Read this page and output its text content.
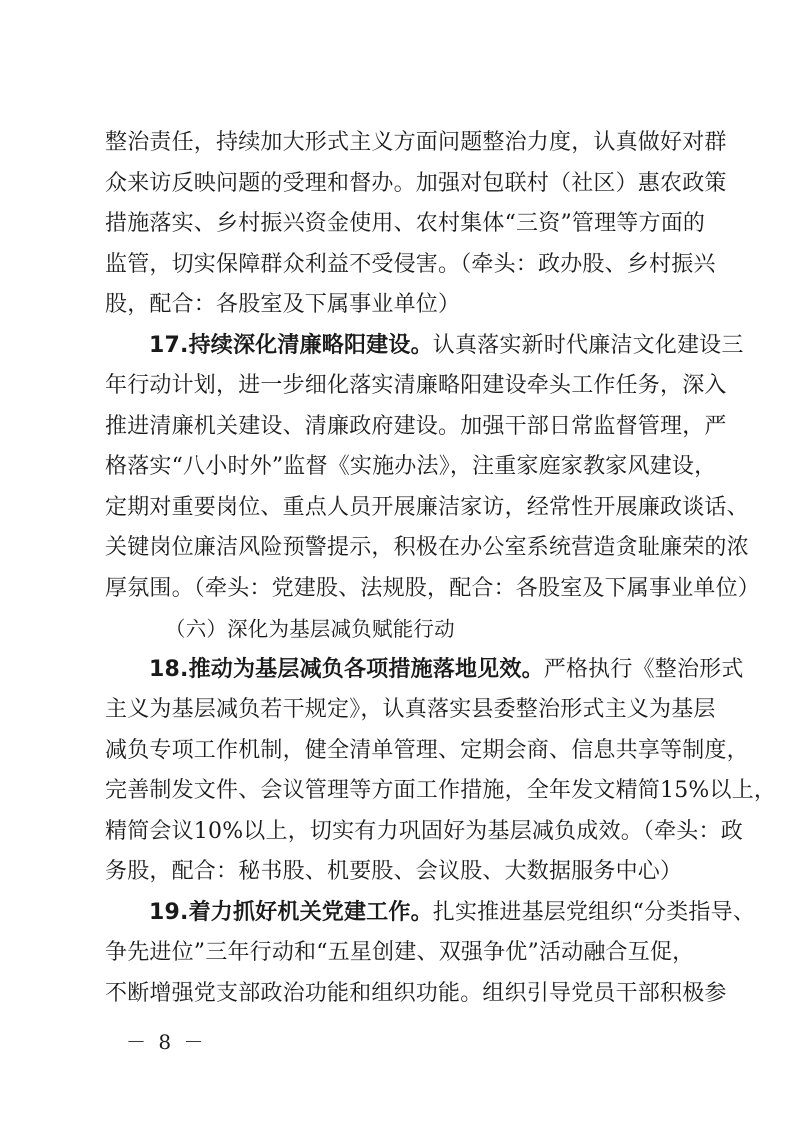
整治责任，持续加大形式主义方面问题整治力度，认真做好对群
众来访反映问题的受理和督办。加强对包联村（社区）惠农政策
措施落实、乡村振兴资金使用、农村集体“三资”管理等方面的
监管，切实保障群众利益不受侵害。（牵头：政办股、乡村振兴
股，配合：各股室及下属事业单位）
17.持续深化清廉略阳建设。认真落实新时代廉洁文化建设三
年行动计划，进一步细化落实清廉略阳建设牵头工作任务，深入
推进清廉机关建设、清廉政府建设。加强干部日常监督管理，严
格落实“八小时外”监督《实施办法》，注重家庭家教家风建设，
定期对重要岗位、重点人员开展廉洁家访，经常性开展廉政谈话、
关键岗位廉洁风险预警提示，积极在办公室系统营造贪耻廉荣的浓
厚氛围。（牵头：党建股、法规股，配合：各股室及下属事业单位）
（六）深化为基层减负赋能行动
18.推动为基层减负各项措施落地见效。严格执行《整治形式
主义为基层减负若干规定》，认真落实县委整治形式主义为基层
减负专项工作机制，健全清单管理、定期会商、信息共享等制度，
完善制发文件、会议管理等方面工作措施，全年发文精简15%以上，
精简会议10%以上，切实有力巩固好为基层减负成效。（牵头：政
务股，配合：秘书股、机要股、会议股、大数据服务中心）
19.着力抓好机关党建工作。扎实推进基层党组织“分类指导、
争先进位”三年行动和“五星创建、双强争优”活动融合互促，
不断增强党支部政治功能和组织功能。组织引导党员干部积极参
－ 8 －
